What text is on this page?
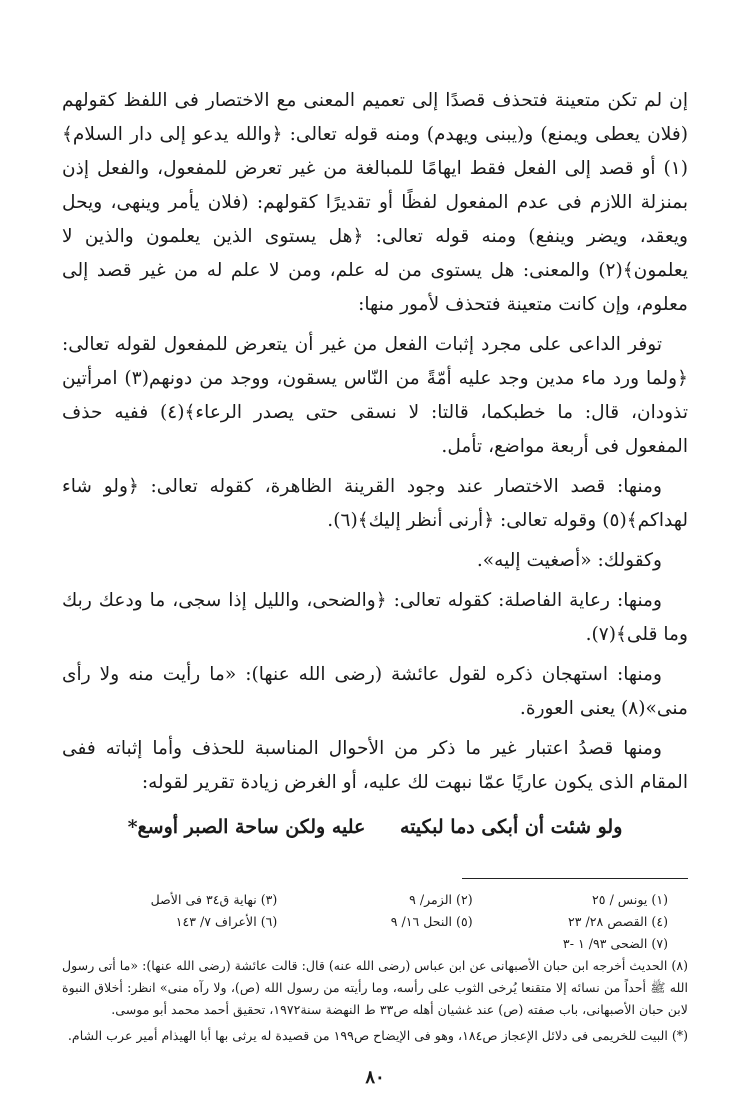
إن لم تكن متعينة فتحذف قصدًا إلى تعميم المعنى مع الاختصار فى اللفظ كقولهم (فلان يعطى ويمنع) و(يبنى ويهدم) ومنه قوله تعالى: ﴿والله يدعو إلى دار السلام﴾(١) أو قصد إلى الفعل فقط ايهامًا للمبالغة من غير تعرض للمفعول، والفعل إذن بمنزلة اللازم فى عدم المفعول لفظًا أو تقديرًا كقولهم: (فلان يأمر وينهى، ويحل ويعقد، ويضر وينفع) ومنه قوله تعالى: ﴿هل يستوى الذين يعلمون والذين لا يعلمون﴾(٢) والمعنى: هل يستوى من له علم، ومن لا علم له من غير قصد إلى معلوم، وإن كانت متعينة فتحذف لأمور منها:

توفر الداعى على مجرد إثبات الفعل من غير أن يتعرض للمفعول لقوله تعالى: ﴿ولما ورد ماء مدين وجد عليه أمّةً من النّاس يسقون، ووجد من دونهم(٣) امرأتين تذودان، قال: ما خطبكما، قالتا: لا نسقى حتى يصدر الرعاء﴾(٤) ففيه حذف المفعول فى أربعة مواضع، تأمل.

ومنها: قصد الاختصار عند وجود القرينة الظاهرة، كقوله تعالى: ﴿ولو شاء لهداكم﴾(٥) وقوله تعالى: ﴿أرنى أنظر إليك﴾(٦).

وكقولك: «أصغيت إليه».

ومنها: رعاية الفاصلة: كقوله تعالى: ﴿والضحى، والليل إذا سجى، ما ودعك ربك وما قلى﴾(٧).

ومنها: استهجان ذكره لقول عائشة (رضى الله عنها): «ما رأيت منه ولا رأى منى»(٨) يعنى العورة.

ومنها قصدُ اعتبار غير ما ذكر من الأحوال المناسبة للحذف وأما إثباته ففى المقام الذى يكون عاريًا عمّا نبهت لك عليه، أو الغرض زيادة تقرير لقوله:

ولو شئت أن أبكى دما لبكيته عليه ولكن ساحة الصبر أوسع*
(١) يونس / ٢٥
(٢) الزمر/ ٩
(٣) نهاية ق٣٤ فى الأصل
(٤) القصص ٢٨/ ٢٣
(٥) النحل ١٦/ ٩
(٦) الأعراف ٧/ ١٤٣
(٧) الضحى ٩٣/ ١ -٣

(٨) الحديث أخرجه ابن حبان الأصبهانى عن ابن عباس (رضى الله عنه) قال: قالت عائشة (رضى الله عنها): «ما أتى رسول الله ﷺ أحداً من نسائه إلا متقنعا يُرخى الثوب على رأسه، وما رأيته من رسول الله (ص)، ولا رآه منى» انظر: أخلاق النبوة لابن حبان الأصبهانى، باب صفته (ص) عند غشيان أهله ص٣٣ ط النهضة سنة١٩٧٢، تحقيق أحمد محمد أبو موسى.

(*) البيت للخريمى فى دلائل الإعجاز ص١٨٤، وهو فى الإيضاح ص١٩٩ من قصيدة له يرثى بها أبا الهيذام أمير عرب الشام.

٨٠
